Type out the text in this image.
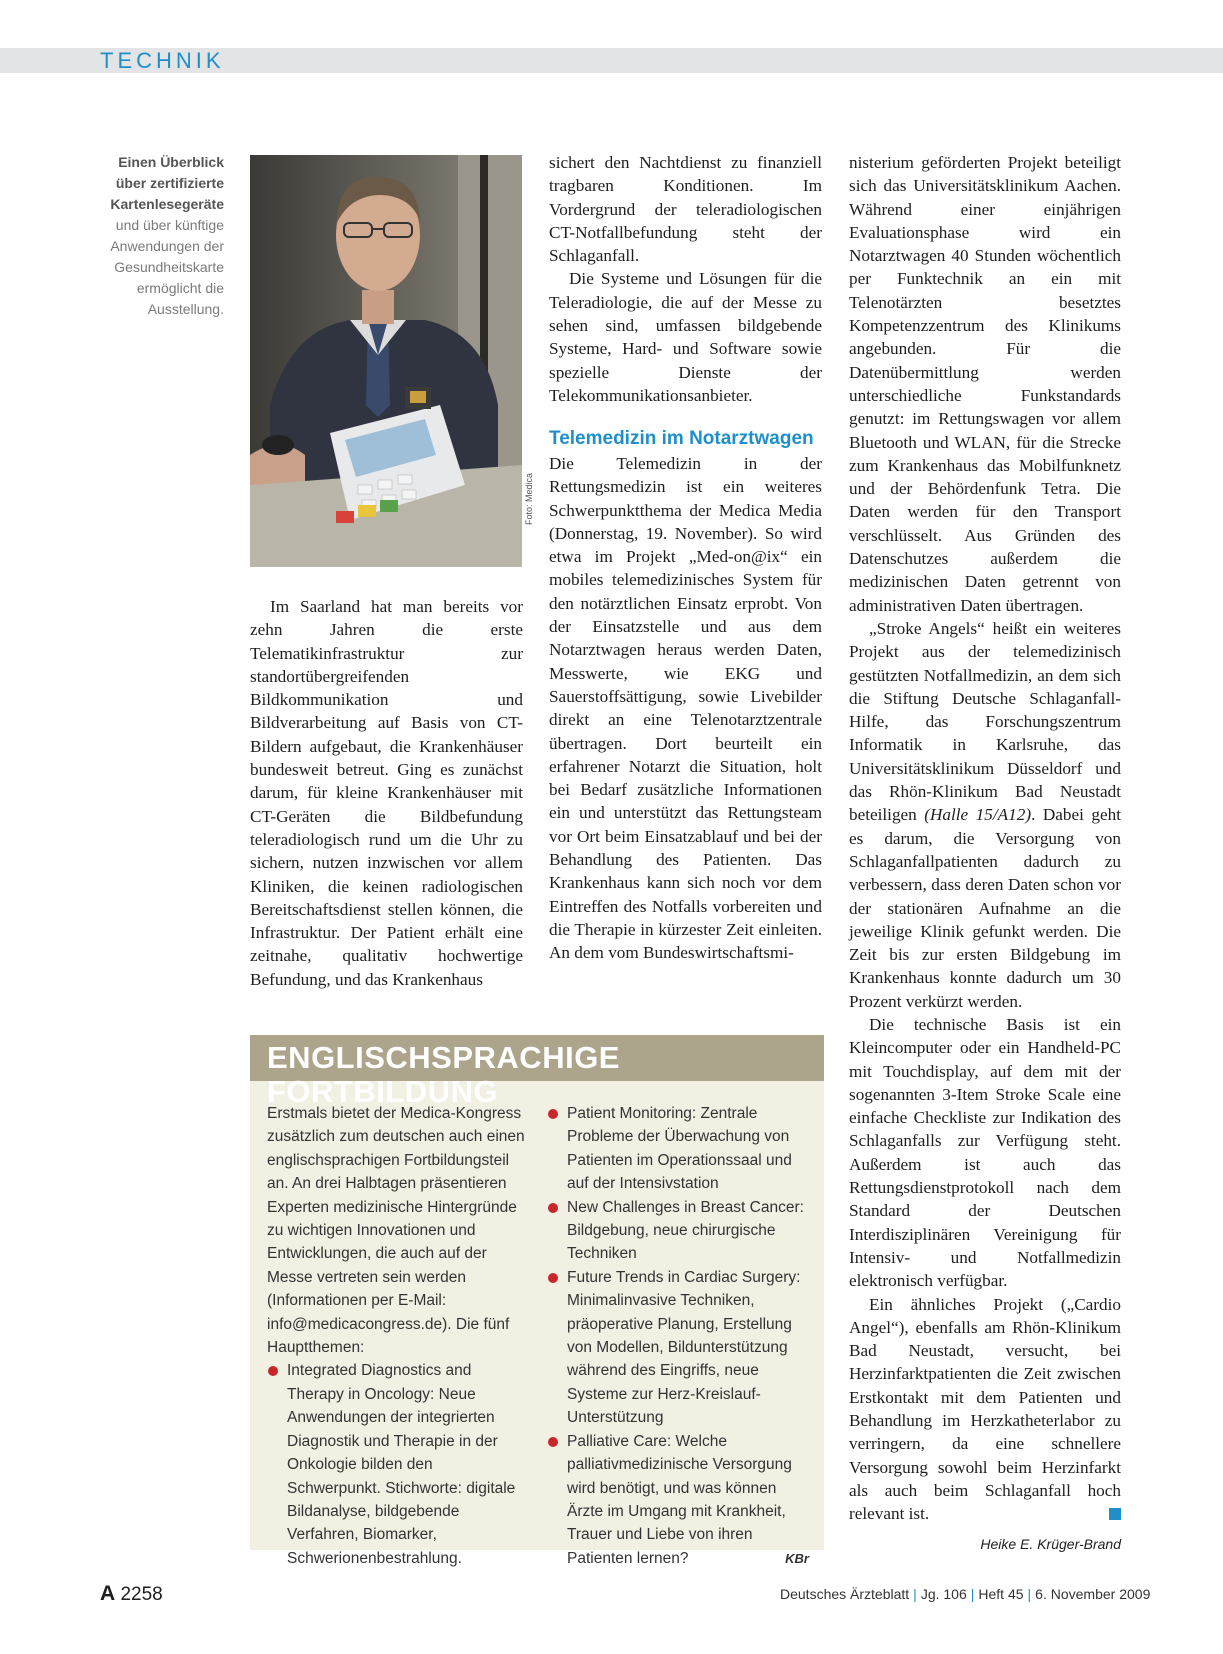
TECHNIK
Einen Überblick über zertifizierte Kartenlesegeräte und über künftige Anwendungen der Gesundheitskarte ermöglicht die Ausstellung.
Foto: Medica

Im Saarland hat man bereits vor zehn Jahren die erste Telematikinfrastruktur zur standortübergreifenden Bildkommunikation und Bildverarbeitung auf Basis von CT-Bildern aufgebaut, die Krankenhäuser bundesweit betreut. Ging es zunächst darum, für kleine Krankenhäuser mit CT-Geräten die Bildbefundung teleradiologisch rund um die Uhr zu sichern, nutzen inzwischen vor allem Kliniken, die keinen radiologischen Bereitschaftsdienst stellen können, die Infrastruktur. Der Patient erhält eine zeitnahe, qualitativ hochwertige Befundung, und das Krankenhaus

sichert den Nachtdienst zu finanziell tragbaren Konditionen. Im Vordergrund der teleradiologischen CT-Notfallbefundung steht der Schlaganfall.

Die Systeme und Lösungen für die Teleradiologie, die auf der Messe zu sehen sind, umfassen bildgebende Systeme, Hard- und Software sowie spezielle Dienste der Telekommunikationsanbieter.

Telemedizin im Notarztwagen

Die Telemedizin in der Rettungsmedizin ist ein weiteres Schwerpunktthema der Medica Media (Donnerstag, 19. November). So wird etwa im Projekt „Med-on@ix“ ein mobiles telemedizinisches System für den notärztlichen Einsatz erprobt. Von der Einsatzstelle und aus dem Notarztwagen heraus werden Daten, Messwerte, wie EKG und Sauerstoffsättigung, sowie Livebilder direkt an eine Telenotarztzentrale übertragen. Dort beurteilt ein erfahrener Notarzt die Situation, holt bei Bedarf zusätzliche Informationen ein und unterstützt das Rettungsteam vor Ort beim Einsatzablauf und bei der Behandlung des Patienten. Das Krankenhaus kann sich noch vor dem Eintreffen des Notfalls vorbereiten und die Therapie in kürzester Zeit einleiten. An dem vom Bundeswirtschaftsmi-

nisterium geförderten Projekt beteiligt sich das Universitätsklinikum Aachen. Während einer einjährigen Evaluationsphase wird ein Notarztwagen 40 Stunden wöchentlich per Funktechnik an ein mit Telenotärzten besetztes Kompetenzzentrum des Klinikums angebunden. Für die Datenübermittlung werden unterschiedliche Funkstandards genutzt: im Rettungswagen vor allem Bluetooth und WLAN, für die Strecke zum Krankenhaus das Mobilfunknetz und der Behördenfunk Tetra. Die Daten werden für den Transport verschlüsselt. Aus Gründen des Datenschutzes außerdem die medizinischen Daten getrennt von administrativen Daten übertragen.

„Stroke Angels“ heißt ein weiteres Projekt aus der telemedizinisch gestützten Notfallmedizin, an dem sich die Stiftung Deutsche Schlaganfall-Hilfe, das Forschungszentrum Informatik in Karlsruhe, das Universitätsklinikum Düsseldorf und das Rhön-Klinikum Bad Neustadt beteiligen (Halle 15/A12). Dabei geht es darum, die Versorgung von Schlaganfallpatienten dadurch zu verbessern, dass deren Daten schon vor der stationären Aufnahme an die jeweilige Klinik gefunkt werden. Die Zeit bis zur ersten Bildgebung im Krankenhaus konnte dadurch um 30 Prozent verkürzt werden.

Die technische Basis ist ein Kleincomputer oder ein Handheld-PC mit Touchdisplay, auf dem mit der sogenannten 3-Item Stroke Scale eine einfache Checkliste zur Indikation des Schlaganfalls zur Verfügung steht. Außerdem ist auch das Rettungsdienstprotokoll nach dem Standard der Deutschen Interdisziplinären Vereinigung für Intensiv- und Notfallmedizin elektronisch verfügbar.

Ein ähnliches Projekt („Cardio Angel“), ebenfalls am Rhön-Klinikum Bad Neustadt, versucht, bei Herzinfarktpatienten die Zeit zwischen Erstkontakt mit dem Patienten und Behandlung im Herzkatheterlabor zu verringern, da eine schnellere Versorgung sowohl beim Herzinfarkt als auch beim Schlaganfall hoch relevant ist.

Heike E. Krüger-Brand
ENGLISCHSPRACHIGE FORTBILDUNG
Erstmals bietet der Medica-Kongress zusätzlich zum deutschen auch einen englischsprachigen Fortbildungsteil an. An drei Halbtagen präsentieren Experten medizinische Hintergründe zu wichtigen Innovationen und Entwicklungen, die auch auf der Messe vertreten sein werden (Informationen per E-Mail: info@medicacongress.de). Die fünf Hauptthemen:
Integrated Diagnostics and Therapy in Oncology: Neue Anwendungen der integrierten Diagnostik und Therapie in der Onkologie bilden den Schwerpunkt. Stichworte: digitale Bildanalyse, bildgebende Verfahren, Biomarker, Schwerionenbestrahlung.
Patient Monitoring: Zentrale Probleme der Überwachung von Patienten im Operationssaal und auf der Intensivstation
New Challenges in Breast Cancer: Bildgebung, neue chirurgische Techniken
Future Trends in Cardiac Surgery: Minimalinvasive Techniken, präoperative Planung, Erstellung von Modellen, Bildunterstützung während des Eingriffs, neue Systeme zur Herz-Kreislauf-Unterstützung
Palliative Care: Welche palliativmedizinische Versorgung wird benötigt, und was können Ärzte im Umgang mit Krankheit, Trauer und Liebe von ihren Patienten lernen?	KBr
A 2258	Deutsches Ärzteblatt | Jg. 106 | Heft 45 | 6. November 2009
